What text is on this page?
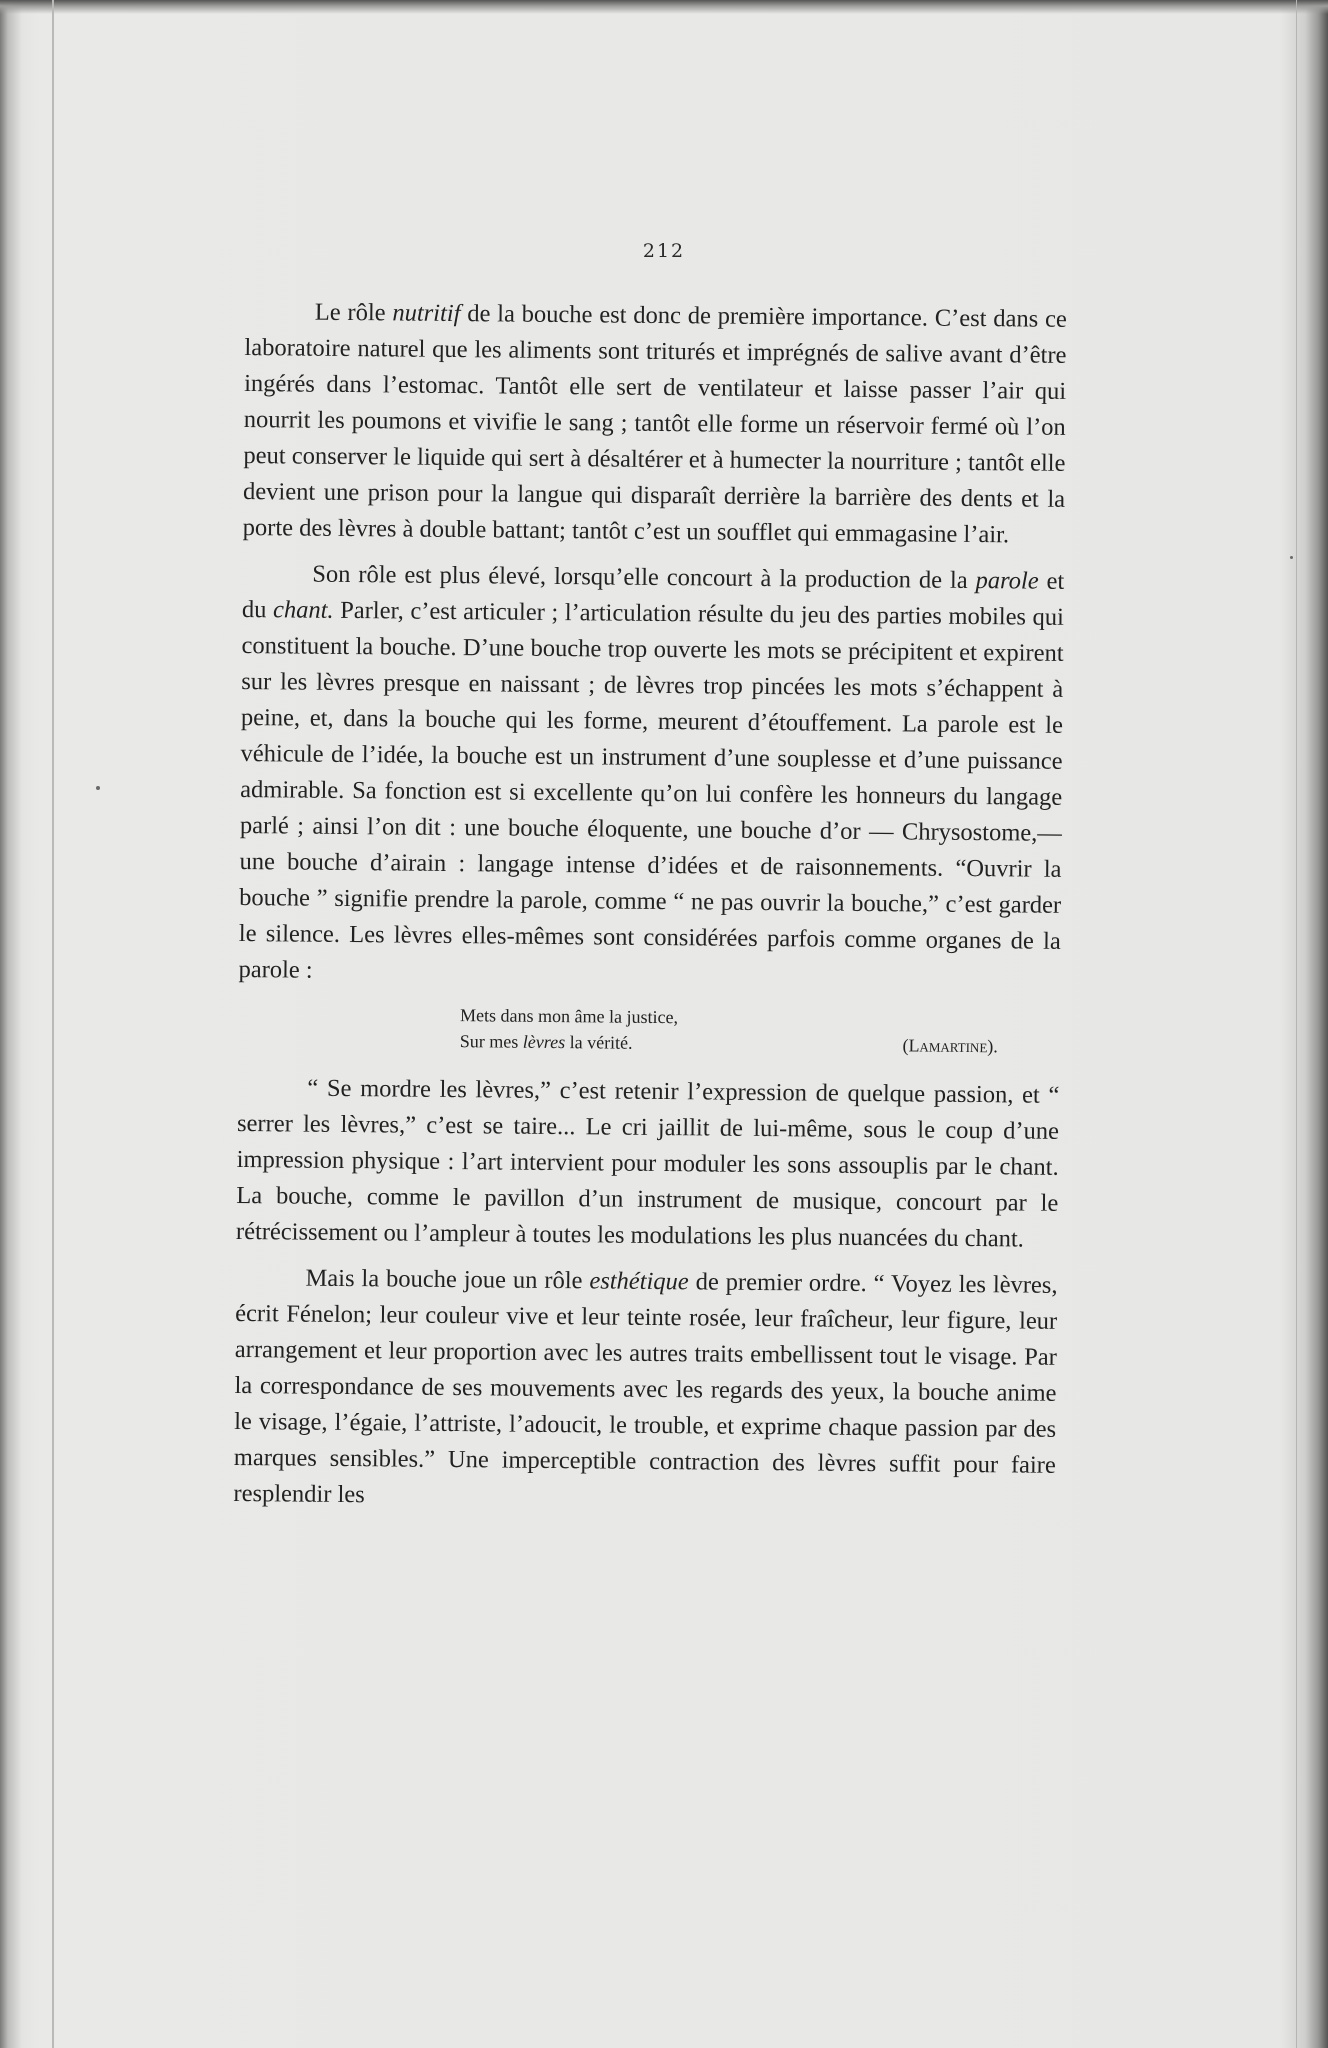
212

Le rôle nutritif de la bouche est donc de première importance. C’est dans ce laboratoire naturel que les aliments sont triturés et imprégnés de salive avant d’être ingérés dans l’estomac. Tantôt elle sert de ventilateur et laisse passer l’air qui nourrit les poumons et vivifie le sang ; tantôt elle forme un réservoir fermé où l’on peut conserver le liquide qui sert à désaltérer et à humecter la nourriture ; tantôt elle devient une prison pour la langue qui disparaît derrière la barrière des dents et la porte des lèvres à double battant; tantôt c’est un soufflet qui emmagasine l’air.

Son rôle est plus élevé, lorsqu’elle concourt à la production de la parole et du chant. Parler, c’est articuler ; l’articulation résulte du jeu des parties mobiles qui constituent la bouche. D’une bouche trop ouverte les mots se précipitent et expirent sur les lèvres presque en naissant ; de lèvres trop pincées les mots s’échappent à peine, et, dans la bouche qui les forme, meurent d’étouffement. La parole est le véhicule de l’idée, la bouche est un instrument d’une souplesse et d’une puissance admirable. Sa fonction est si excellente qu’on lui confère les honneurs du langage parlé ; ainsi l’on dit : une bouche éloquente, une bouche d’or — Chrysostome,— une bouche d’airain : langage intense d’idées et de raisonnements. “Ouvrir la bouche ” signifie prendre la parole, comme “ ne pas ouvrir la bouche,” c’est garder le silence. Les lèvres elles-mêmes sont considérées parfois comme organes de la parole :

Mets dans mon âme la justice,
Sur mes lèvres la vérité.	(Lamartine).

“ Se mordre les lèvres,” c’est retenir l’expression de quelque passion, et “ serrer les lèvres,” c’est se taire... Le cri jaillit de lui-même, sous le coup d’une impression physique : l’art intervient pour moduler les sons assouplis par le chant. La bouche, comme le pavillon d’un instrument de musique, concourt par le rétrécissement ou l’ampleur à toutes les modulations les plus nuancées du chant.

Mais la bouche joue un rôle esthétique de premier ordre. “ Voyez les lèvres, écrit Fénelon; leur couleur vive et leur teinte rosée, leur fraîcheur, leur figure, leur arrangement et leur proportion avec les autres traits embellissent tout le visage. Par la correspondance de ses mouvements avec les regards des yeux, la bouche anime le visage, l’égaie, l’attriste, l’adoucit, le trouble, et exprime chaque passion par des marques sensibles.” Une imperceptible contraction des lèvres suffit pour faire resplendir les
